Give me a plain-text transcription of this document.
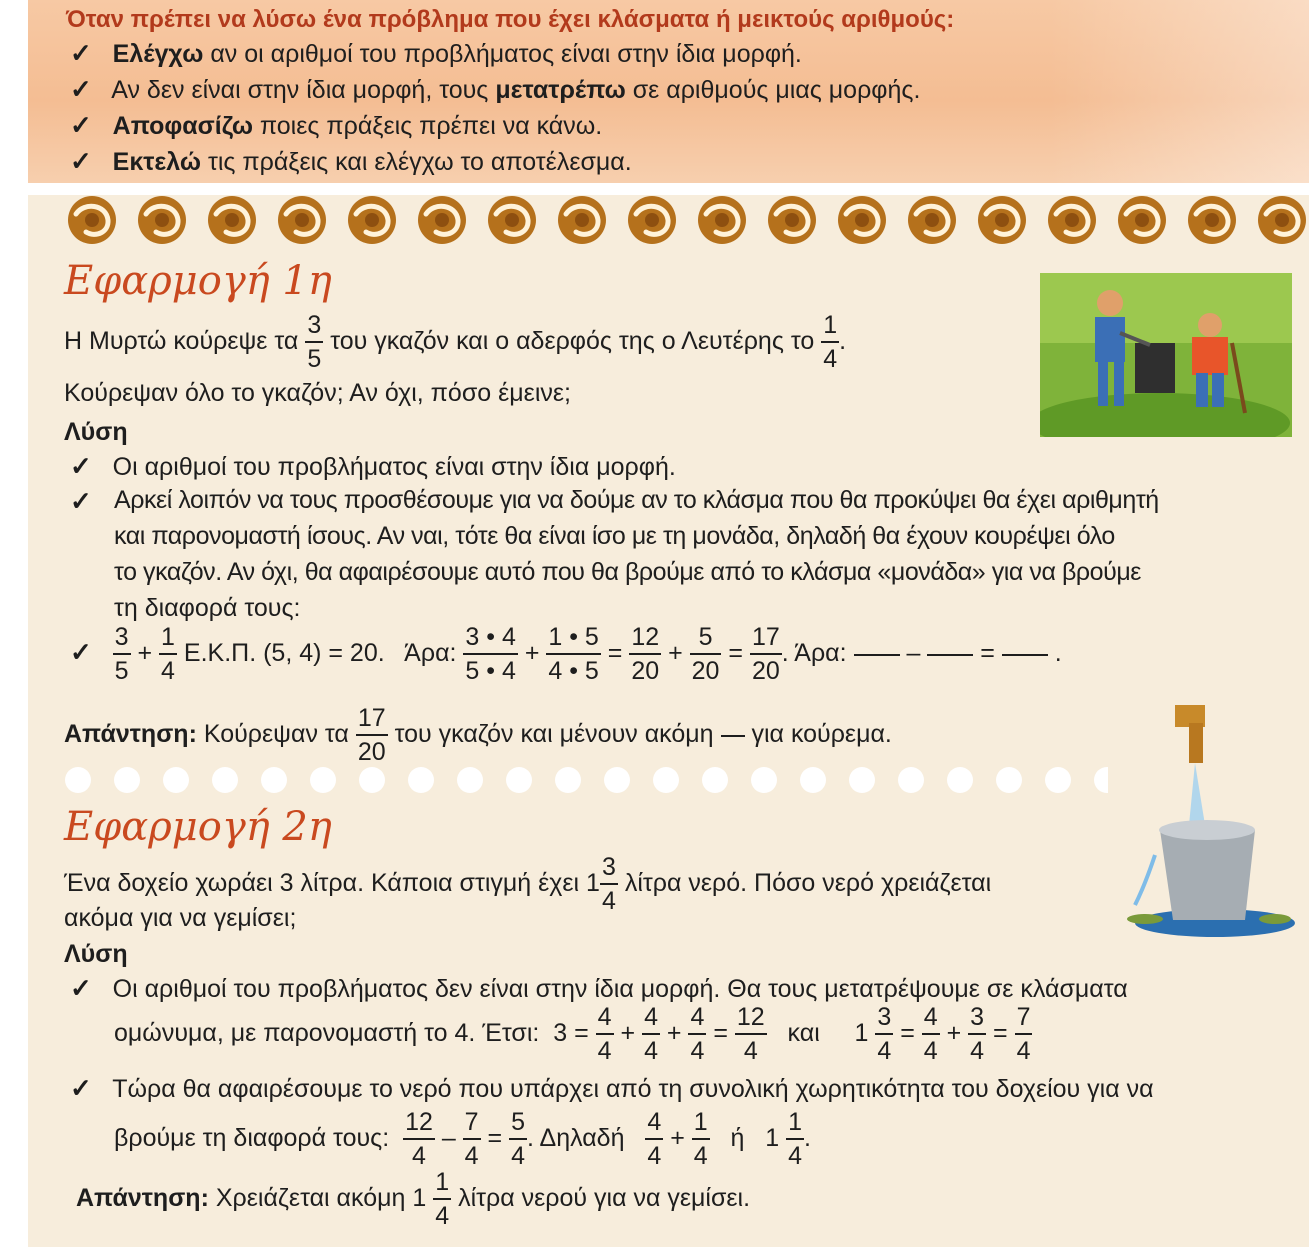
Όταν πρέπει να λύσω ένα πρόβλημα που έχει κλάσματα ή μεικτούς αριθμούς:
✓ Ελέγχω αν οι αριθμοί του προβλήματος είναι στην ίδια μορφή.
✓ Αν δεν είναι στην ίδια μορφή, τους μετατρέπω σε αριθμούς μιας μορφής.
✓ Αποφασίζω ποιες πράξεις πρέπει να κάνω.
✓ Εκτελώ τις πράξεις και ελέγχω το αποτέλεσμα.
Εφαρμογή 1η
Η Μυρτώ κούρεψε τα $\frac{3}{5}$ του γκαζόν και ο αδερφός της ο Λευτέρης το $\frac{1}{4}$ .
Κούρεψαν όλο το γκαζόν; Αν όχι, πόσο έμεινε;
Λύση
✓ Οι αριθμοί του προβλήματος είναι στην ίδια μορφή.
✓ Αρκεί λοιπόν να τους προσθέσουμε για να δούμε αν το κλάσμα που θα προκύψει θα έχει αριθμητή
και παρονομαστή ίσους. Αν ναι, τότε θα είναι ίσο με τη μονάδα, δηλαδή θα έχουν κουρέψει όλο
το γκαζόν. Αν όχι, θα αφαιρέσουμε αυτό που θα βρούμε από το κλάσμα «μονάδα» για να βρούμε
τη διαφορά τους:
✓ $\frac{3}{5} + \frac{1}{4} E.K.\Pi$. (5, 4) = 20. Άρα: $\frac{3 • 4}{5 • 4} + \frac{1 • 5}{4 • 5} = \frac{12}{20} + \frac{5}{20} = \frac{17}{20}$ . Άρα:  –  =  .
Απάντηση: Κούρεψαν τα $\frac{17}{20}$ του γκαζόν και μένουν ακόμη για κούρεμα.
Εφαρμογή 2η
Ένα δοχείο χωράει 3 λίτρα. Κάποια στιγμή έχει $1 \frac{3}{4}$ λίτρα νερό. Πόσο νερό χρειάζεται
ακόμα για να γεμίσει;
Λύση
✓ Οι αριθμοί του προβλήματος δεν είναι στην ίδια μορφή. Θα τους μετατρέψουμε σε κλάσματα
ομώνυμα, με παρονομαστή το 4. Έτσι: $3 = \frac{4}{4} + \frac{4}{4} + \frac{4}{4} = \frac{12}{4}$ και     $1 \frac{3}{4} = \frac{4}{4} + \frac{3}{4} = \frac{7}{4}$
✓ Τώρα θα αφαιρέσουμε το νερό που υπάρχει από τη συνολική χωρητικότητα του δοχείου για να
βρούμε τη διαφορά τους: $\frac{12}{4} - \frac{7}{4} = \frac{5}{4}$ . Δηλαδή $\frac{4}{4} + \frac{1}{4}$ ή   $1 \frac{1}{4}$ .
Απάντηση: Χρειάζεται ακόμη $1 \frac{1}{4}$ λίτρα νερού για να γεμίσει.
